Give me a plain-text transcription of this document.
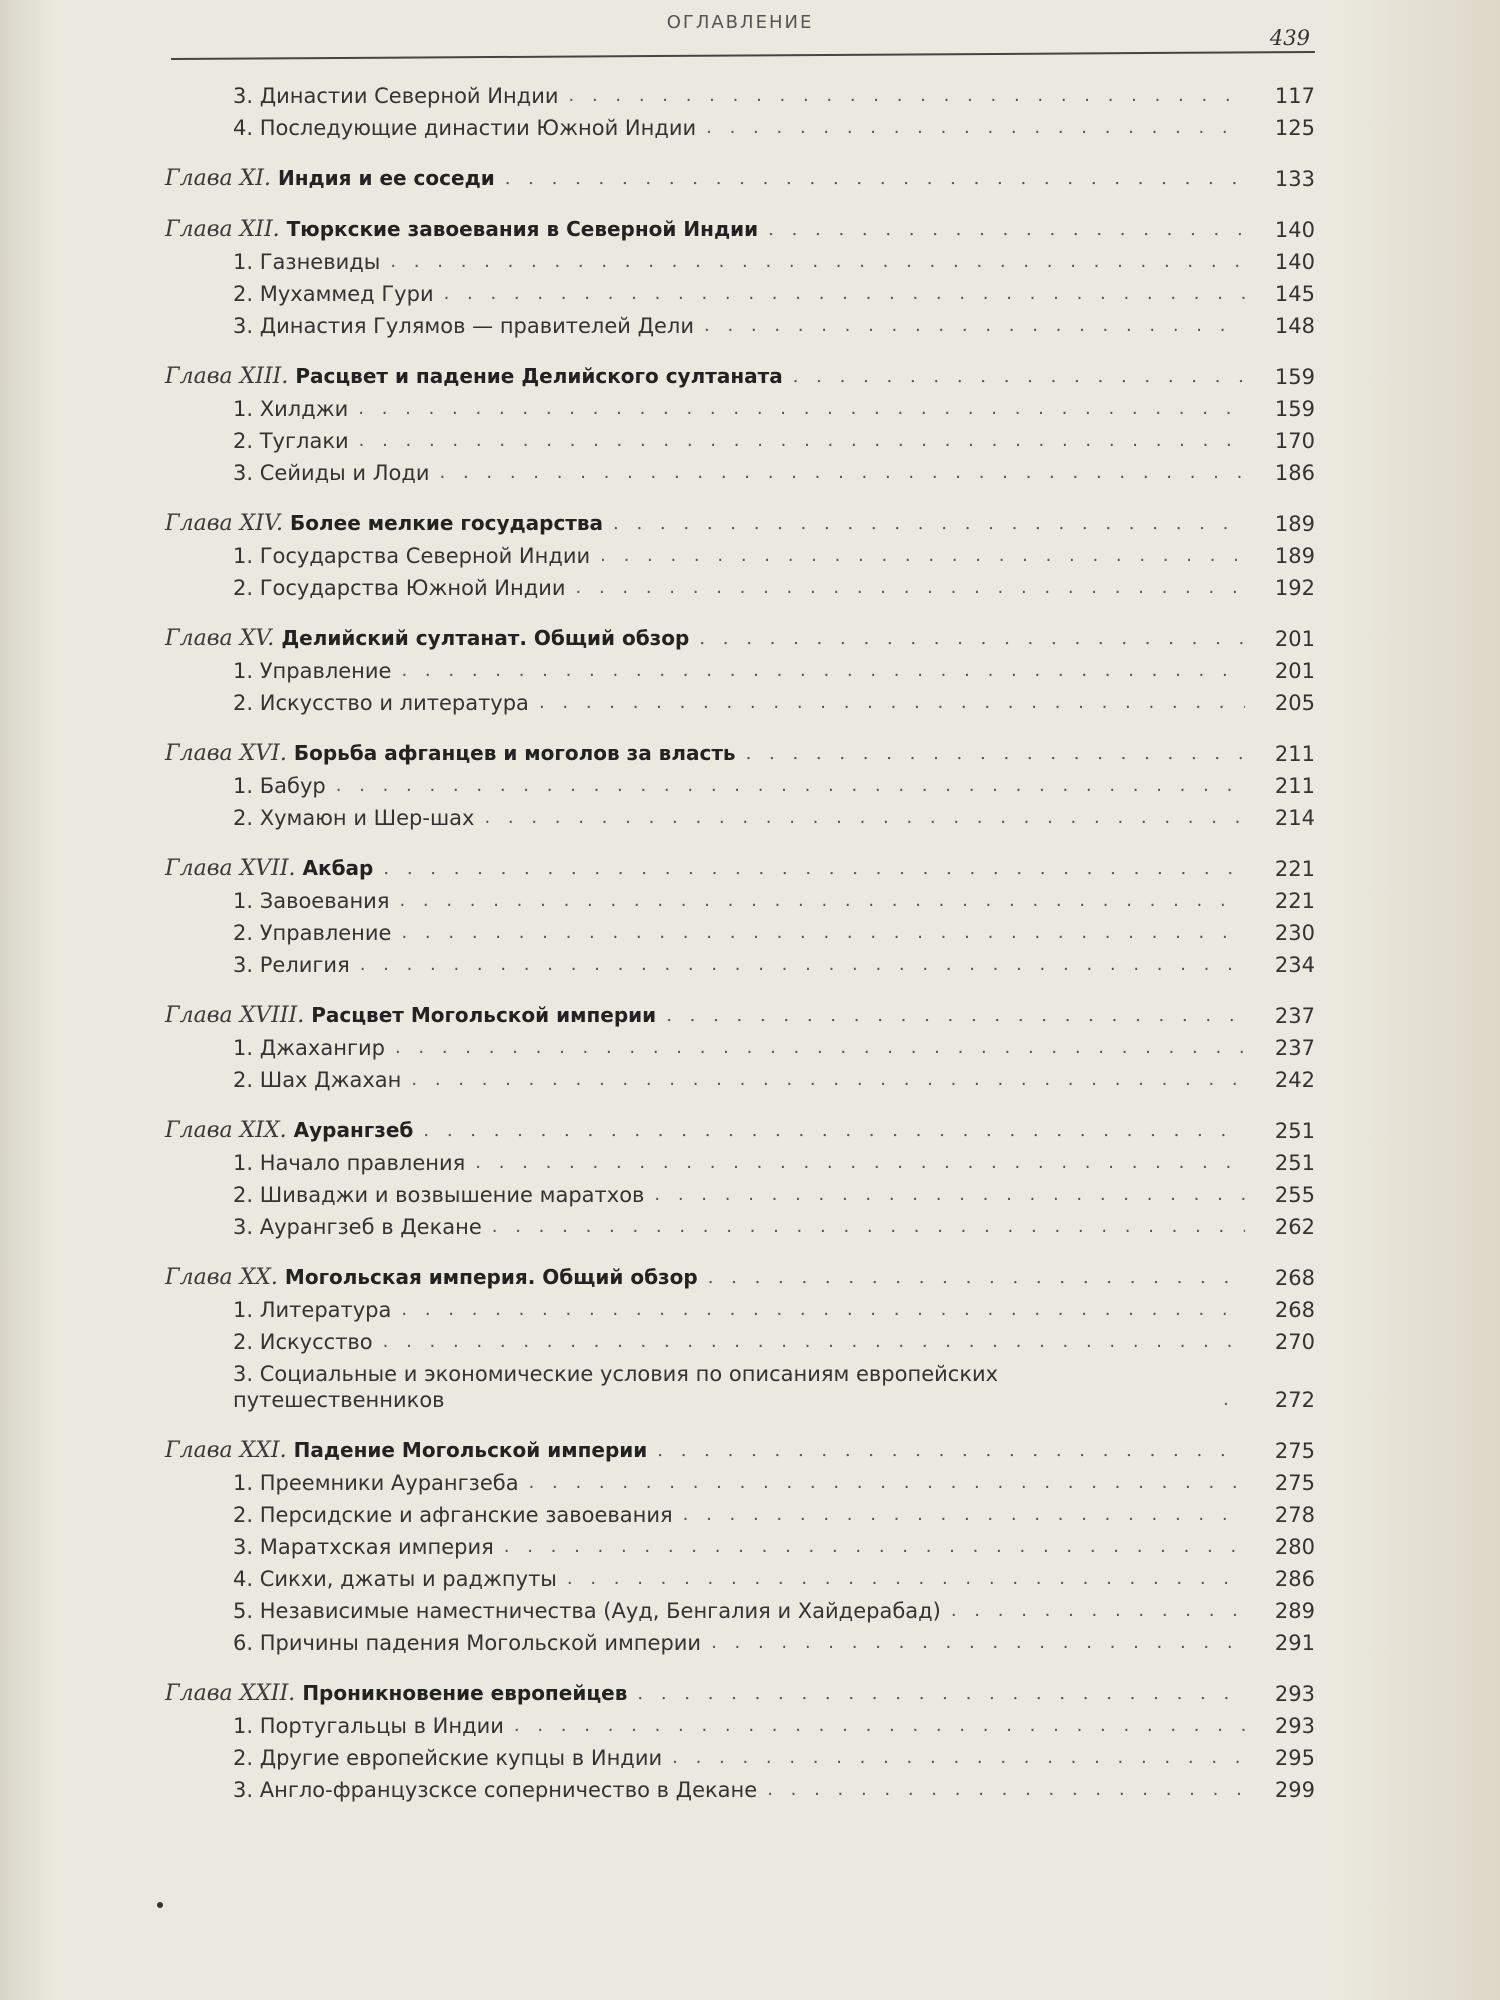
ОГЛАВЛЕНИЕ
439
3. Династии Северной Индии . . .	117
4. Последующие династии Южной Индии . . .	125
Глава XI. Индия и ее соседи . . .	133
Глава XII. Тюркские завоевания в Северной Индии . . .	140
1. Газневиды . . .	140
2. Мухаммед Гури . . .	145
3. Династия Гулямов — правителей Дели . . .	148
Глава XIII. Расцвет и падение Делийского султаната . . .	159
1. Хилджи . . .	159
2. Туглаки . . .	170
3. Сейиды и Лоди . . .	186
Глава XIV. Более мелкие государства . . .	189
1. Государства Северной Индии . . .	189
2. Государства Южной Индии . . .	192
Глава XV. Делийский султанат. Общий обзор . . .	201
1. Управление . . .	201
2. Искусство и литература . . .	205
Глава XVI. Борьба афганцев и моголов за власть . . .	211
1. Бабур . . .	211
2. Хумаюн и Шер-шах . . .	214
Глава XVII. Акбар . . .	221
1. Завоевания . . .	221
2. Управление . . .	230
3. Религия . . .	234
Глава XVIII. Расцвет Могольской империи . . .	237
1. Джахангир . . .	237
2. Шах Джахан . . .	242
Глава XIX. Аурангзеб . . .	251
1. Начало правления . . .	251
2. Шиваджи и возвышение маратхов . . .	255
3. Аурангзеб в Декане . . .	262
Глава XX. Могольская империя. Общий обзор . . .	268
1. Литература . . .	268
2. Искусство . . .	270
3. Социальные и экономические условия по описаниям европейских путешественников . . .	272
Глава XXI. Падение Могольской империи . . .	275
1. Преемники Аурангзеба . . .	275
2. Персидские и афганские завоевания . . .	278
3. Маратхская империя . . .	280
4. Сикхи, джаты и раджпуты . . .	286
5. Независимые наместничества (Ауд, Бенгалия и Хайдерабад) . . .	289
6. Причины падения Могольской империи . . .	291
Глава XXII. Проникновение европейцев . . .	293
1. Португальцы в Индии . . .	293
2. Другие европейские купцы в Индии . . .	295
3. Англо-французсксе соперничество в Декане . . .	299
